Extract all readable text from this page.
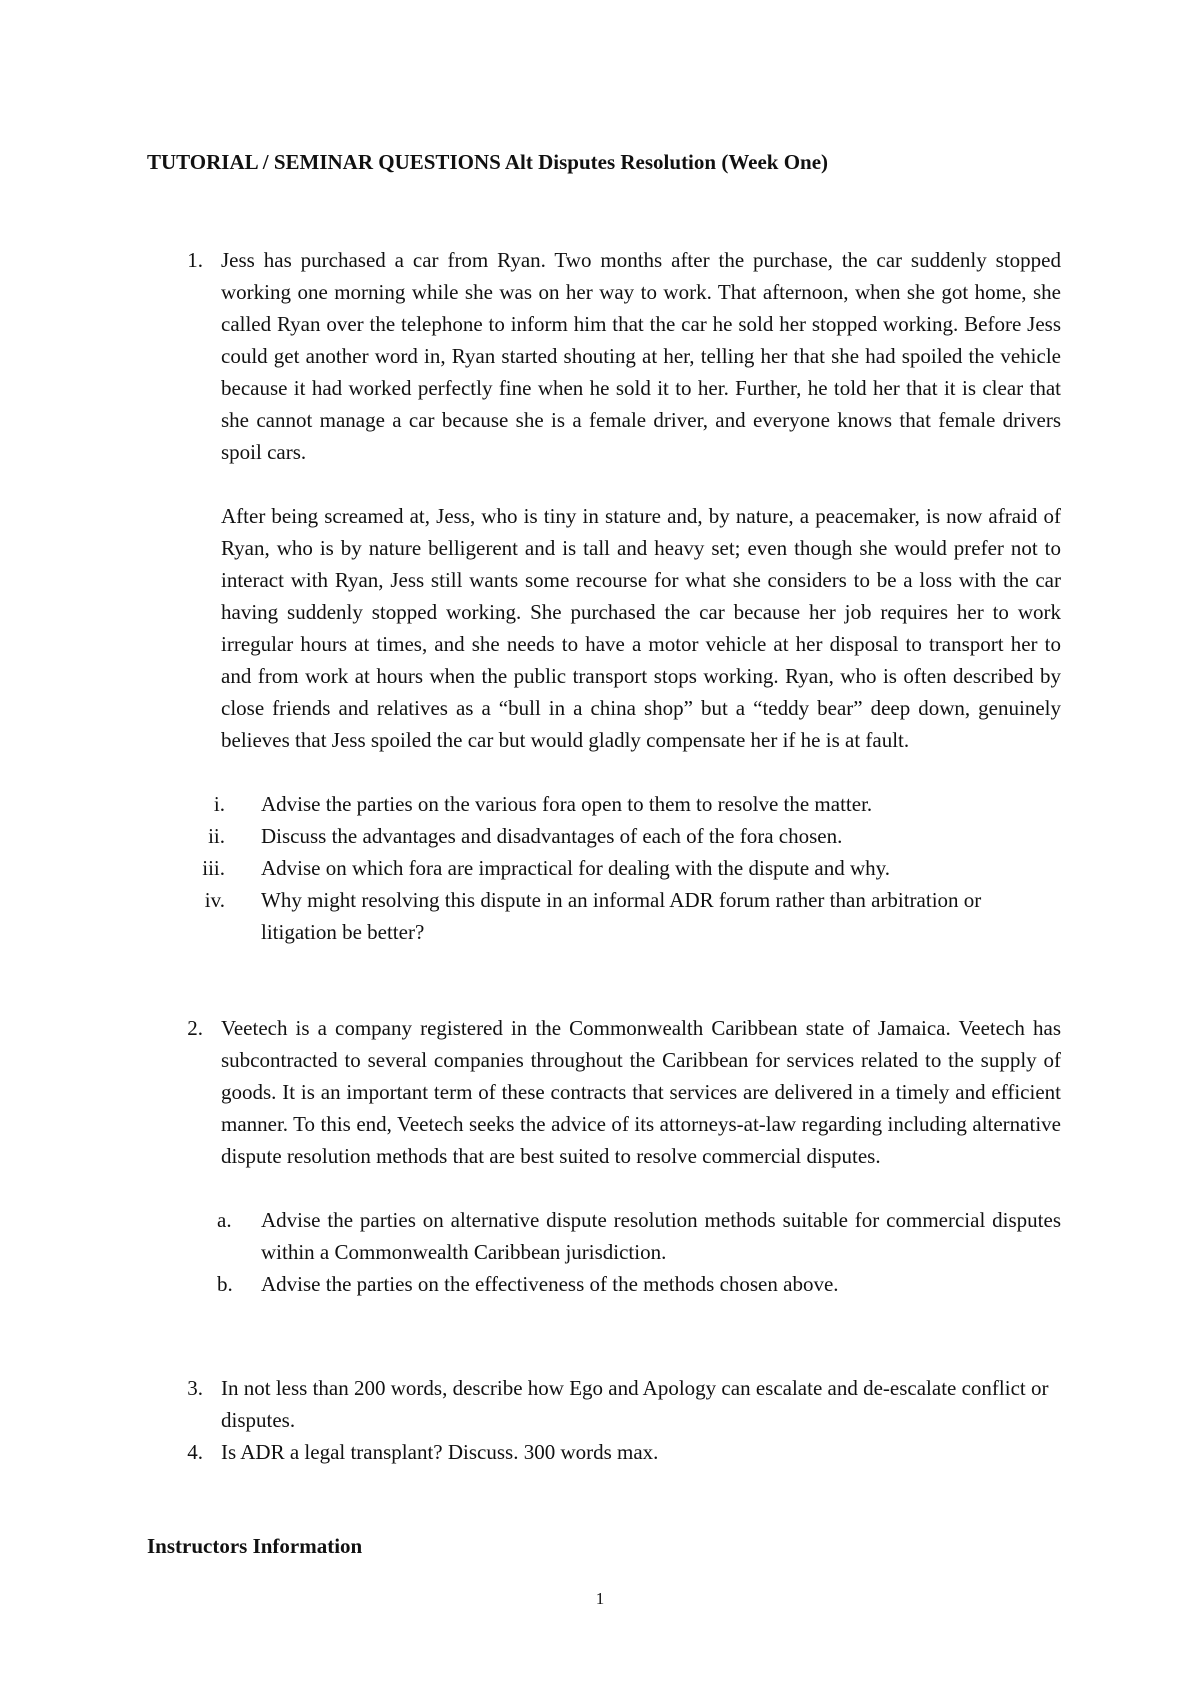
TUTORIAL / SEMINAR QUESTIONS Alt Disputes Resolution (Week One)
1. Jess has purchased a car from Ryan. Two months after the purchase, the car suddenly stopped working one morning while she was on her way to work. That afternoon, when she got home, she called Ryan over the telephone to inform him that the car he sold her stopped working. Before Jess could get another word in, Ryan started shouting at her, telling her that she had spoiled the vehicle because it had worked perfectly fine when he sold it to her. Further, he told her that it is clear that she cannot manage a car because she is a female driver, and everyone knows that female drivers spoil cars.

After being screamed at, Jess, who is tiny in stature and, by nature, a peacemaker, is now afraid of Ryan, who is by nature belligerent and is tall and heavy set; even though she would prefer not to interact with Ryan, Jess still wants some recourse for what she considers to be a loss with the car having suddenly stopped working. She purchased the car because her job requires her to work irregular hours at times, and she needs to have a motor vehicle at her disposal to transport her to and from work at hours when the public transport stops working. Ryan, who is often described by close friends and relatives as a “bull in a china shop” but a “teddy bear” deep down, genuinely believes that Jess spoiled the car but would gladly compensate her if he is at fault.

i. Advise the parties on the various fora open to them to resolve the matter.
ii. Discuss the advantages and disadvantages of each of the fora chosen.
iii. Advise on which fora are impractical for dealing with the dispute and why.
iv. Why might resolving this dispute in an informal ADR forum rather than arbitration or litigation be better?
2. Veetech is a company registered in the Commonwealth Caribbean state of Jamaica. Veetech has subcontracted to several companies throughout the Caribbean for services related to the supply of goods. It is an important term of these contracts that services are delivered in a timely and efficient manner. To this end, Veetech seeks the advice of its attorneys-at-law regarding including alternative dispute resolution methods that are best suited to resolve commercial disputes.

a. Advise the parties on alternative dispute resolution methods suitable for commercial disputes within a Commonwealth Caribbean jurisdiction.
b. Advise the parties on the effectiveness of the methods chosen above.
3. In not less than 200 words, describe how Ego and Apology can escalate and de-escalate conflict or disputes.

4. Is ADR a legal transplant? Discuss. 300 words max.

Instructors Information
1
